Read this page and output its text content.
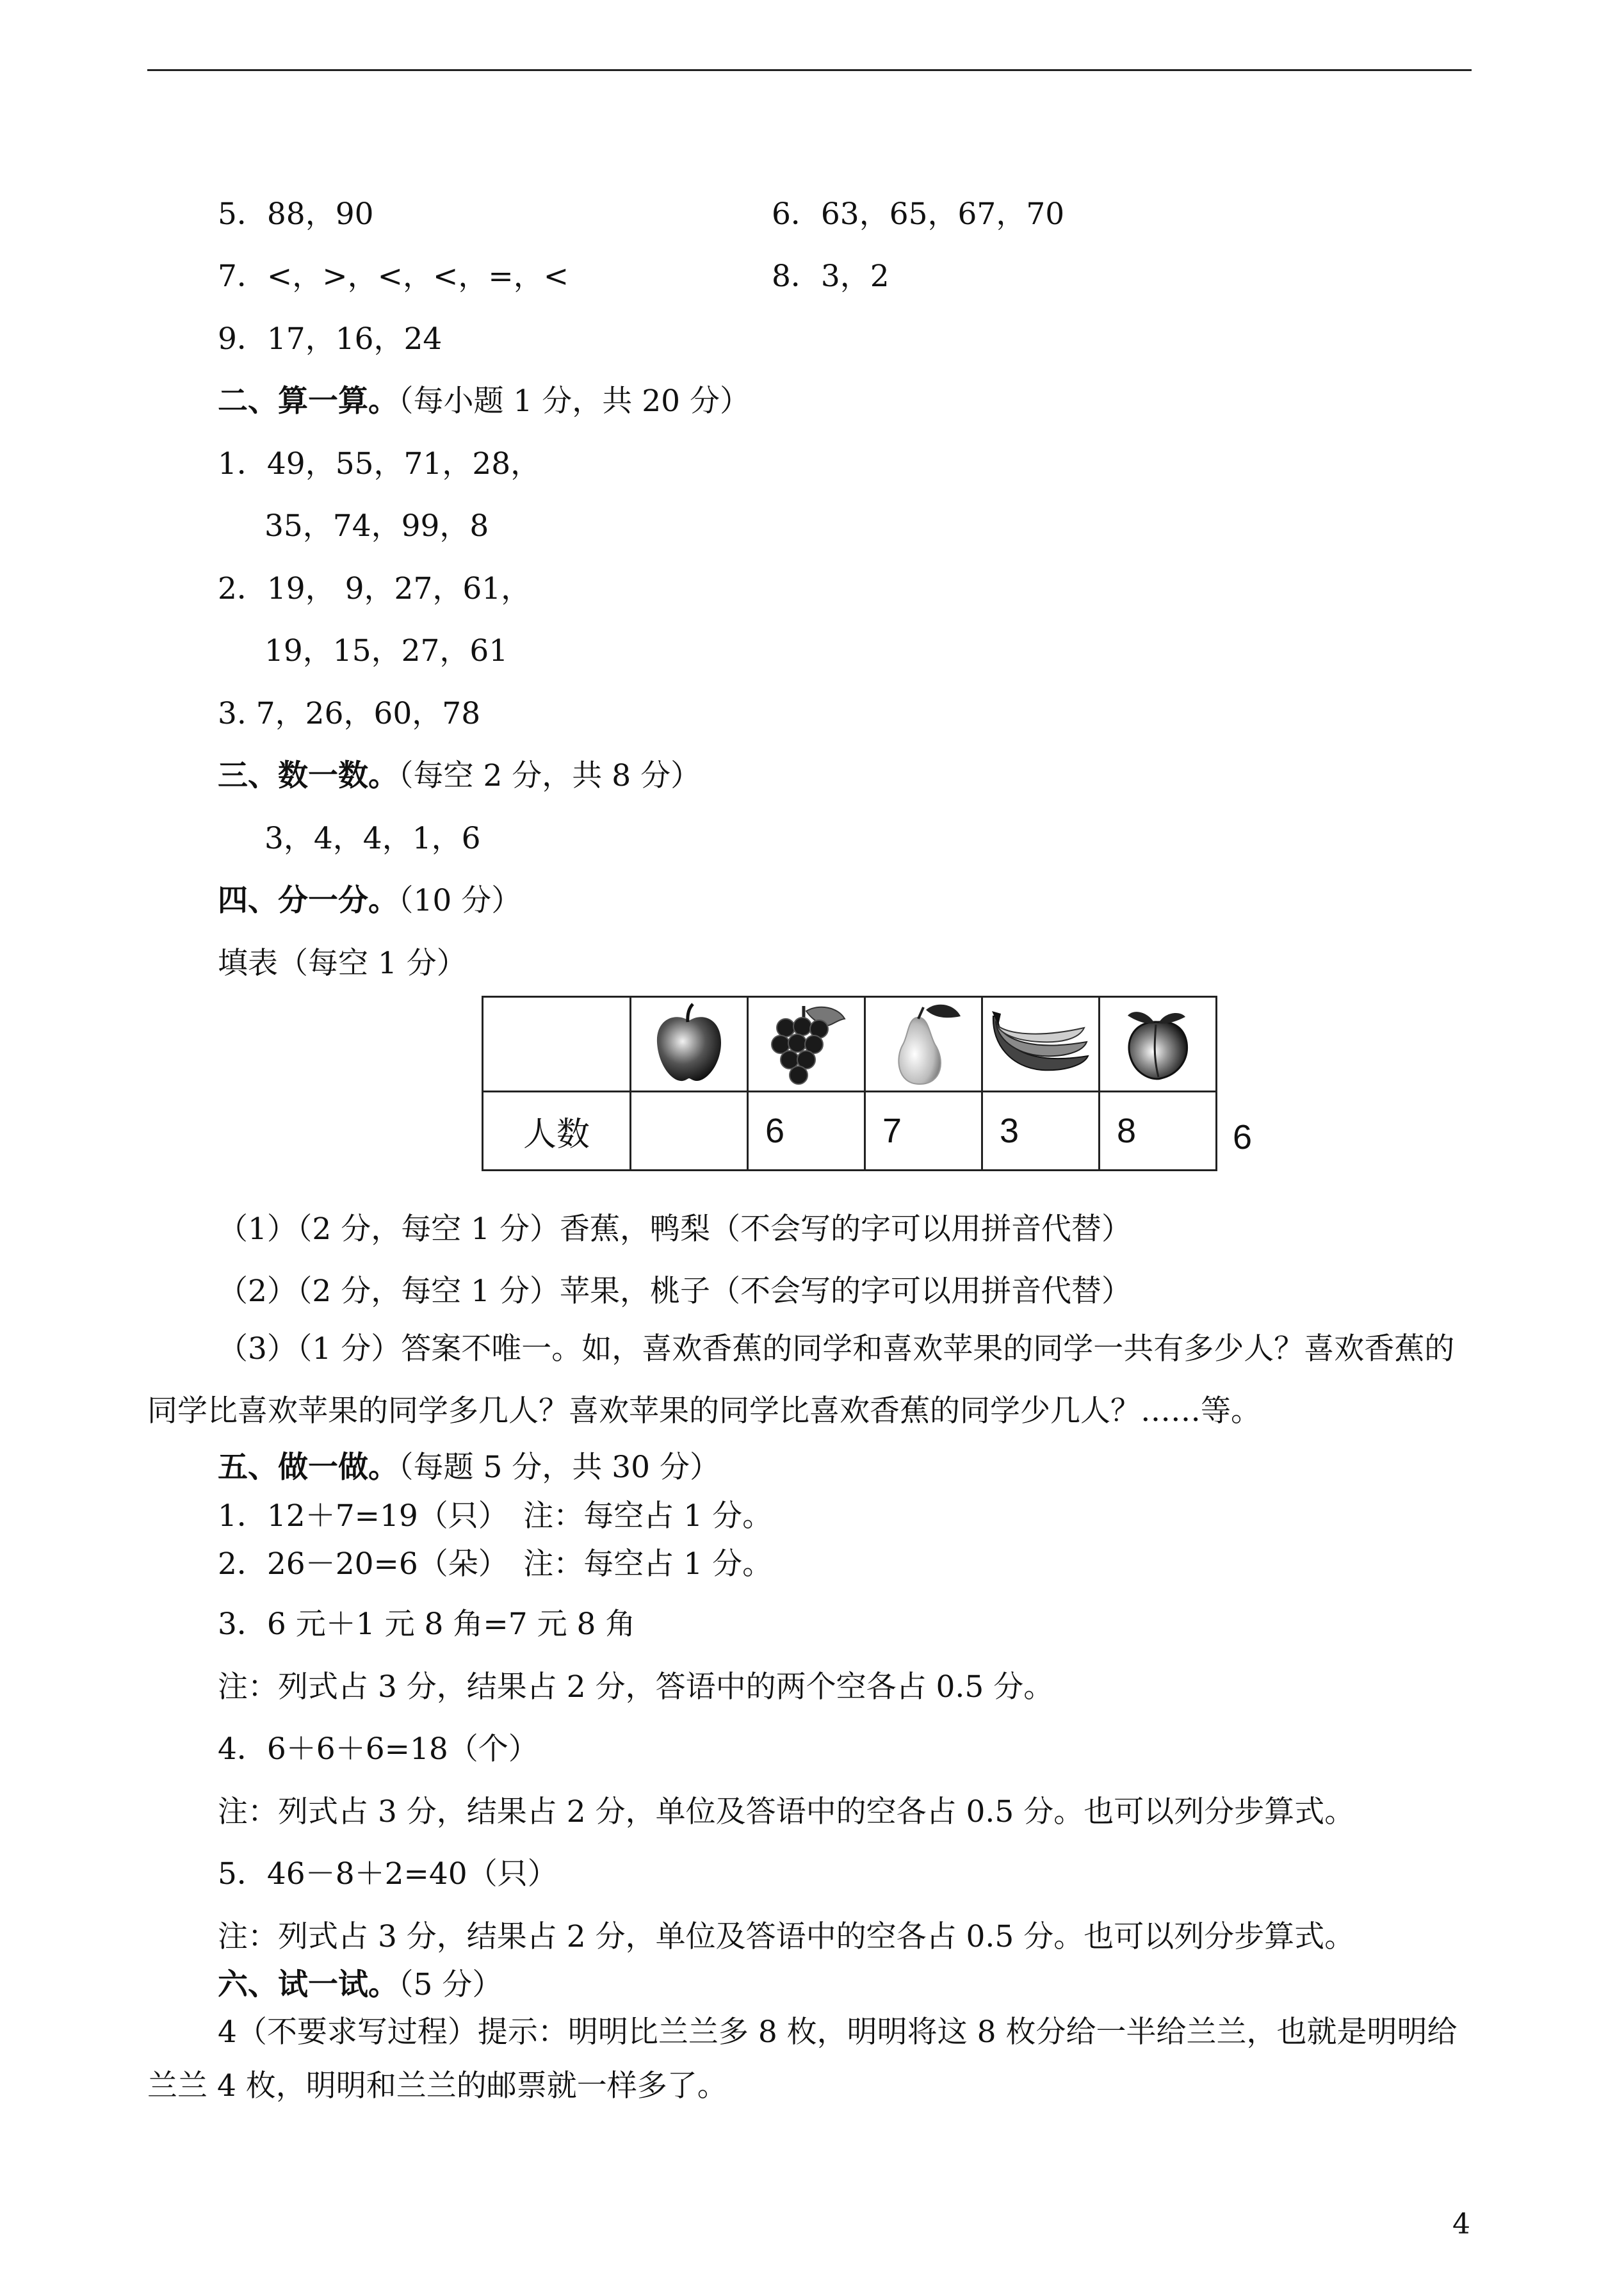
5．88，90	6．63，65，67，70
7．<，>，<，<，=，<	8．3，2
9．17，16，24
二、算一算。（每小题 1 分，共 20 分）
1．49，55，71，28，
35，74，99，8
2．19， 9，27，61，
19，15，27，61
3. 7，26，60，78
三、数一数。（每空 2 分，共 8 分）
3，4，4，1，6
四、分一分。（10 分）
填表（每空 1 分）

人数		6	7	3	8	6
（1）（2 分，每空 1 分）香蕉，鸭梨（不会写的字可以用拼音代替）
（2）（2 分，每空 1 分）苹果，桃子（不会写的字可以用拼音代替）
（3）（1 分）答案不唯一。如，喜欢香蕉的同学和喜欢苹果的同学一共有多少人？喜欢香蕉的同学比喜欢苹果的同学多几人？喜欢苹果的同学比喜欢香蕉的同学少几人？……等。
五、做一做。（每题 5 分，共 30 分）
1．12＋7=19（只）　注：每空占 1 分。
2．26－20=6（朵）　注：每空占 1 分。
3．6 元＋1 元 8 角=7 元 8 角
注：列式占 3 分，结果占 2 分，答语中的两个空各占 0.5 分。
4．6＋6＋6=18（个）
注：列式占 3 分，结果占 2 分，单位及答语中的空各占 0.5 分。也可以列分步算式。
5．46－8＋2=40（只）
注：列式占 3 分，结果占 2 分，单位及答语中的空各占 0.5 分。也可以列分步算式。
六、试一试。（5 分）
4（不要求写过程）提示：明明比兰兰多 8 枚，明明将这 8 枚分给一半给兰兰，也就是明明给兰兰 4 枚，明明和兰兰的邮票就一样多了。
4
